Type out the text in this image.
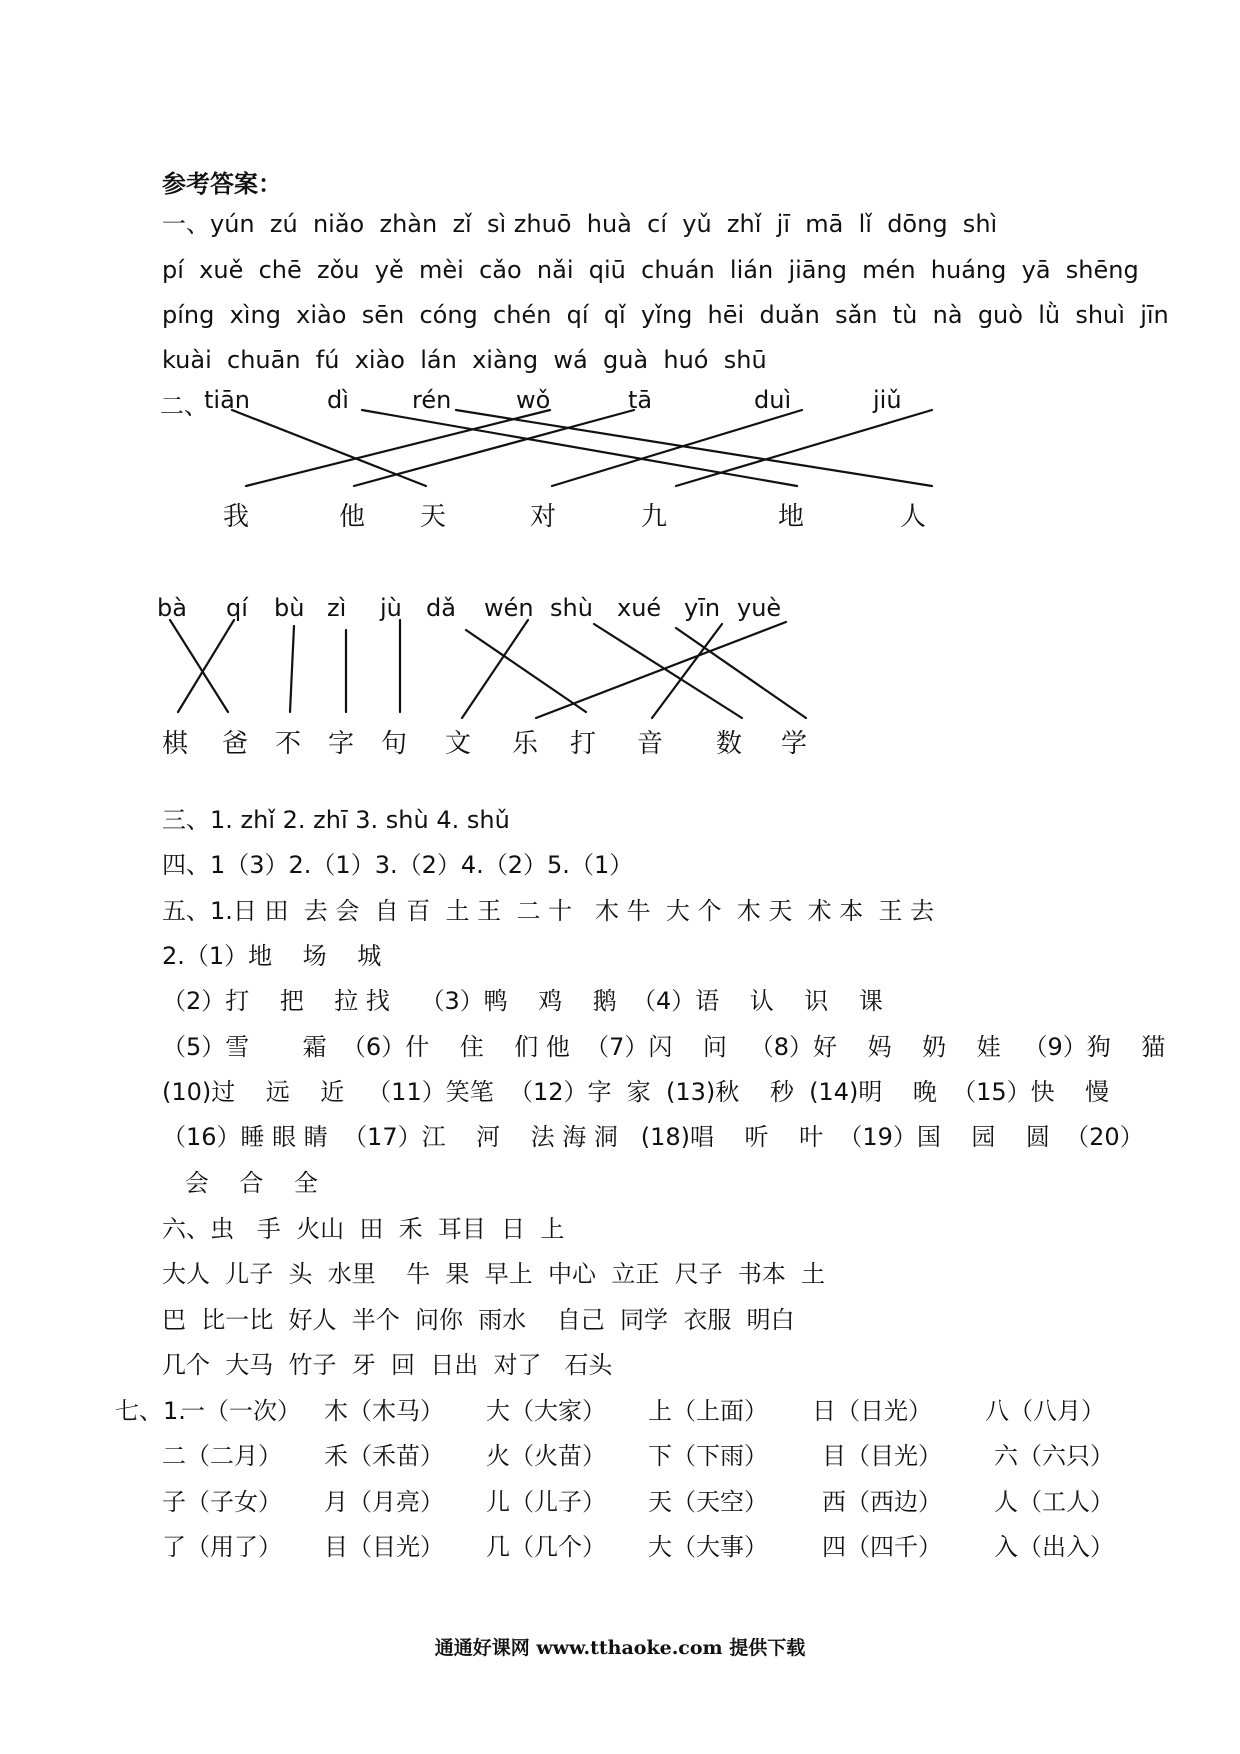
参考答案：
一、yún  zú  niǎo  zhàn  zǐ  sì zhuō  huà  cí  yǔ  zhǐ  jī  mā  lǐ  dōng  shì
pí  xuě  chē  zǒu  yě  mèi  cǎo  nǎi  qiū  chuán  lián  jiāng  mén  huáng  yā  shēng
píng  xìng  xiào  sēn  cóng  chén  qí  qǐ  yǐng  hēi  duǎn  sǎn  tù  nà  guò  lǜ  shuì  jīn
kuài  chuān  fú  xiào  lán  xiàng  wá  guà  huó  shū
二、
tiān	dì	rén	wǒ	tā	duì	jiǔ
我	他 天	对	九	地	人
bà qí bù zì jù dǎ wén shù xué yīn yuè
棋 爸 不 字 句 文 乐 打 音 数 学
三、1. zhǐ 2. zhī 3. shù 4. shǔ
四、1（3）2.（1）3.（2）4.（2）5.（1）
五、1.日 田  去 会  自 百  土 王  二 十   木 牛  大 个  木 天  术 本  王 去
2.（1）地    场    城
（2）打    把    拉 找    （3）鸭    鸡    鹅  （4）语    认    识    课
（5）雪       霜  （6）什    住    们 他  （7）闪    问   （8）好    妈    奶    娃   （9）狗    猫
(10)过    远    近   （11）笑笔  （12）字  家  (13)秋    秒  (14)明    晚  （15）快    慢
（16）睡 眼 睛  （17）江    河    法 海 洞   (18)唱    听    叶  （19）国    园    圆  （20）
会    合    全
六、虫   手  火山  田  禾  耳目  日  上
大人  儿子  头  水里    牛  果  早上  中心  立正  尺子  书本  土
巴  比一比  好人  半个  问你  雨水    自己  同学  衣服  明白
几个  大马  竹子  牙  回  日出  对了   石头
七、1.
一（一次） 木（木马） 大（大家） 上（上面） 日（日光） 八（八月）
二（二月） 禾（禾苗） 火（火苗） 下（下雨） 目（目光） 六（六只）
子（子女） 月（月亮） 儿（儿子） 天（天空） 西（西边） 人（工人）
了（用了） 目（目光） 几（几个） 大（大事） 四（四千） 入（出入）
通通好课网 www.tthaoke.com 提供下载
